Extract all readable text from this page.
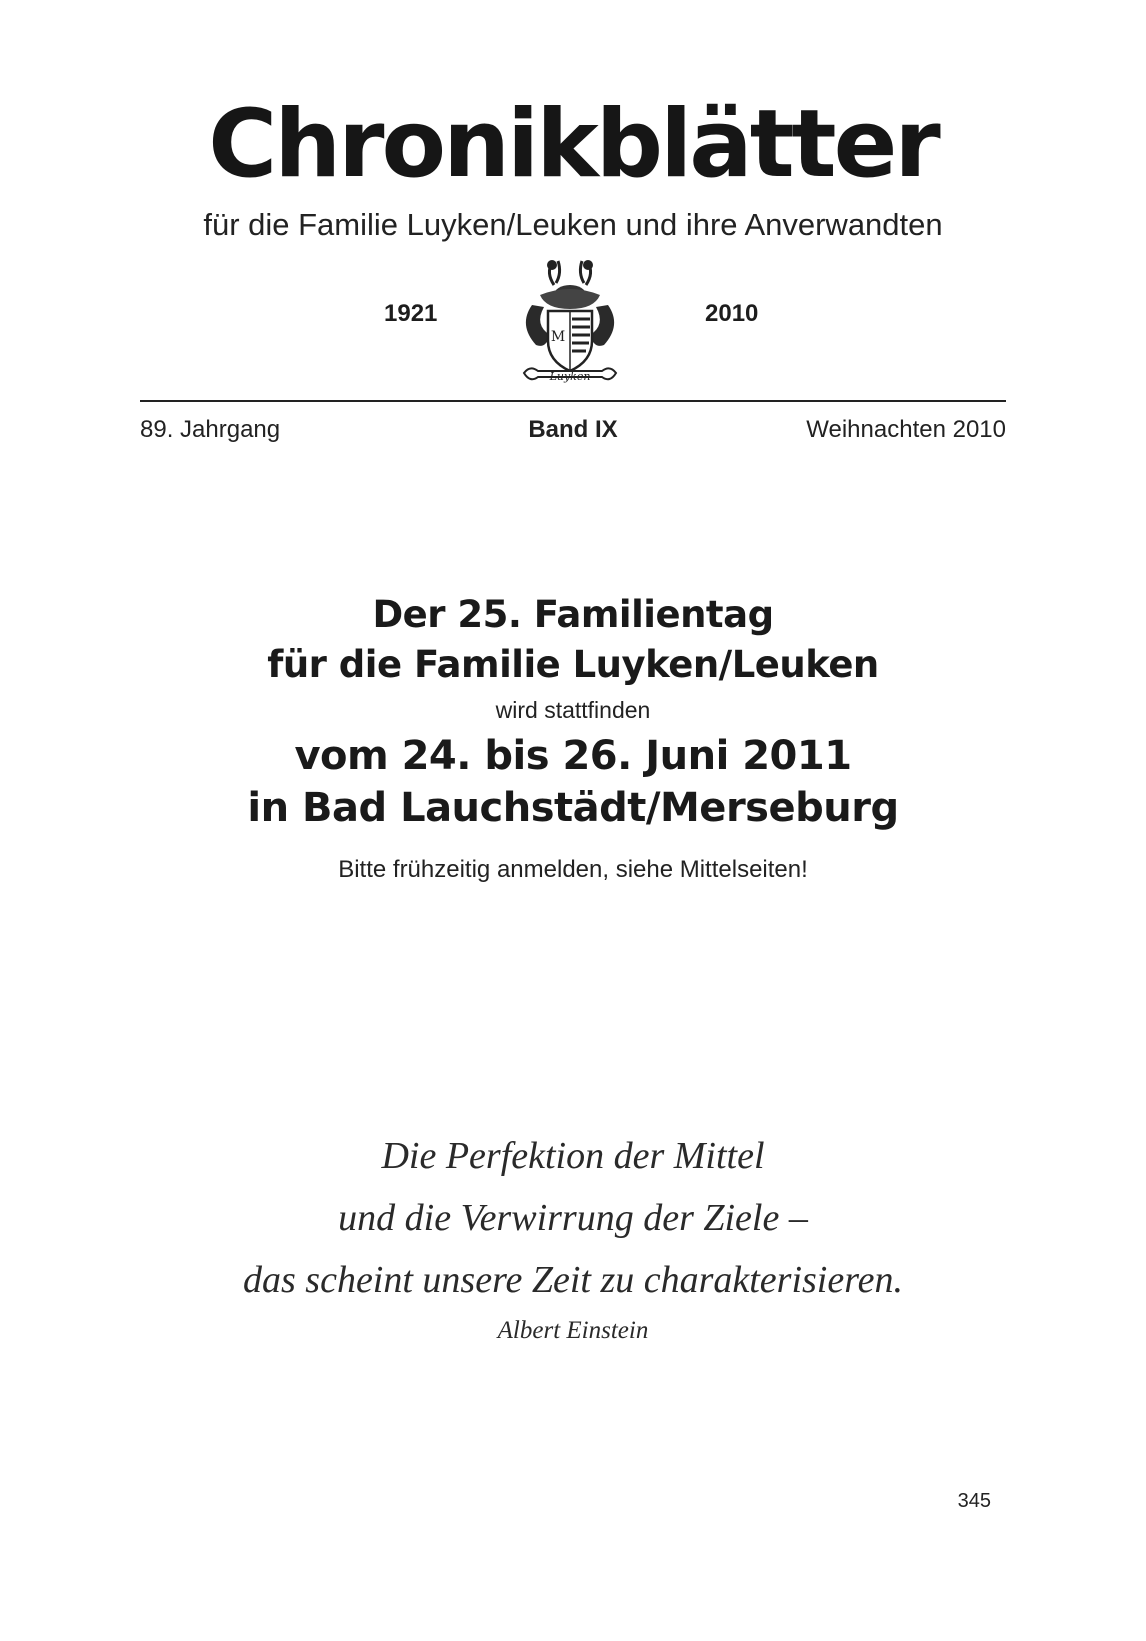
Chronikblätter
für die Familie Luyken/Leuken und ihre Anverwandten
1921
M
Luyken
2010
89. Jahrgang	Band IX	Weihnachten 2010
Der 25. Familientag
für die Familie Luyken/Leuken
wird stattfinden
vom 24. bis 26. Juni 2011
in Bad Lauchstädt/Merseburg
Bitte frühzeitig anmelden, siehe Mittelseiten!
Die Perfektion der Mittel
und die Verwirrung der Ziele –
das scheint unsere Zeit zu charakterisieren.
Albert Einstein
345
